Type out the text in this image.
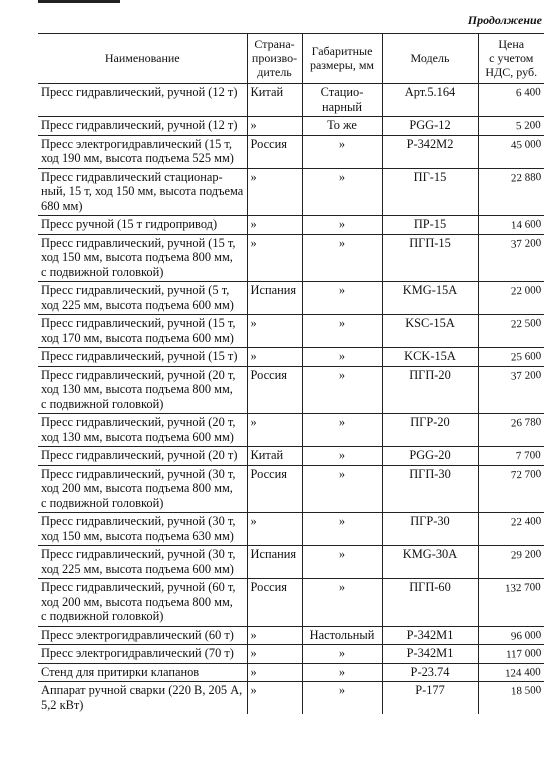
Продолжение
Наименование	Страна-
произво-
дитель	Габаритные
размеры, мм	Модель	Цена
с учетом
НДС, руб.
Пресс гидравлический, ручной (12 т)	Китай	Стацио-
нарный	Арт.5.164	6 400
Пресс гидравлический, ручной (12 т)	»	То же	PGG-12	5 200
Пресс электрогидравлический (15 т,
ход 190 мм, высота подъема 525 мм)	Россия	»	Р-342М2	45 000
Пресс гидравлический стационар-
ный, 15 т, ход 150 мм, высота подъема
680 мм)	»	»	ПГ-15	22 880
Пресс ручной (15 т гидропривод)	»	»	ПР-15	14 600
Пресс гидравлический, ручной (15 т,
ход 150 мм, высота подъема 800 мм,
с подвижной головкой)	»	»	ПГП-15	37 200
Пресс гидравлический, ручной (5 т,
ход 225 мм, высота подъема 600 мм)	Испания	»	KMG-15A	22 000
Пресс гидравлический, ручной (15 т,
ход 170 мм, высота подъема 600 мм)	»	»	KSC-15A	22 500
Пресс гидравлический, ручной (15 т)	»	»	KCK-15A	25 600
Пресс гидравлический, ручной (20 т,
ход 130 мм, высота подъема 800 мм,
с подвижной головкой)	Россия	»	ПГП-20	37 200
Пресс гидравлический, ручной (20 т,
ход 130 мм, высота подъема 600 мм)	»	»	ПГР-20	26 780
Пресс гидравлический, ручной (20 т)	Китай	»	PGG-20	7 700
Пресс гидравлический, ручной (30 т,
ход 200 мм, высота подъема 800 мм,
с подвижной головкой)	Россия	»	ПГП-30	72 700
Пресс гидравлический, ручной (30 т,
ход 150 мм, высота подъема 630 мм)	»	»	ПГР-30	22 400
Пресс гидравлический, ручной (30 т,
ход 225 мм, высота подъема 600 мм)	Испания	»	KMG-30A	29 200
Пресс гидравлический, ручной (60 т,
ход 200 мм, высота подъема 800 мм,
с подвижной головкой)	Россия	»	ПГП-60	132 700
Пресс электрогидравлический (60 т)	»	Настольный	Р-342М1	96 000
Пресс электрогидравлический (70 т)	»	»	Р-342М1	117 000
Стенд для притирки клапанов	»	»	Р-23.74	124 400
Аппарат ручной сварки (220 В, 205 А,
5,2 кВт)	»	»	Р-177	18 500
